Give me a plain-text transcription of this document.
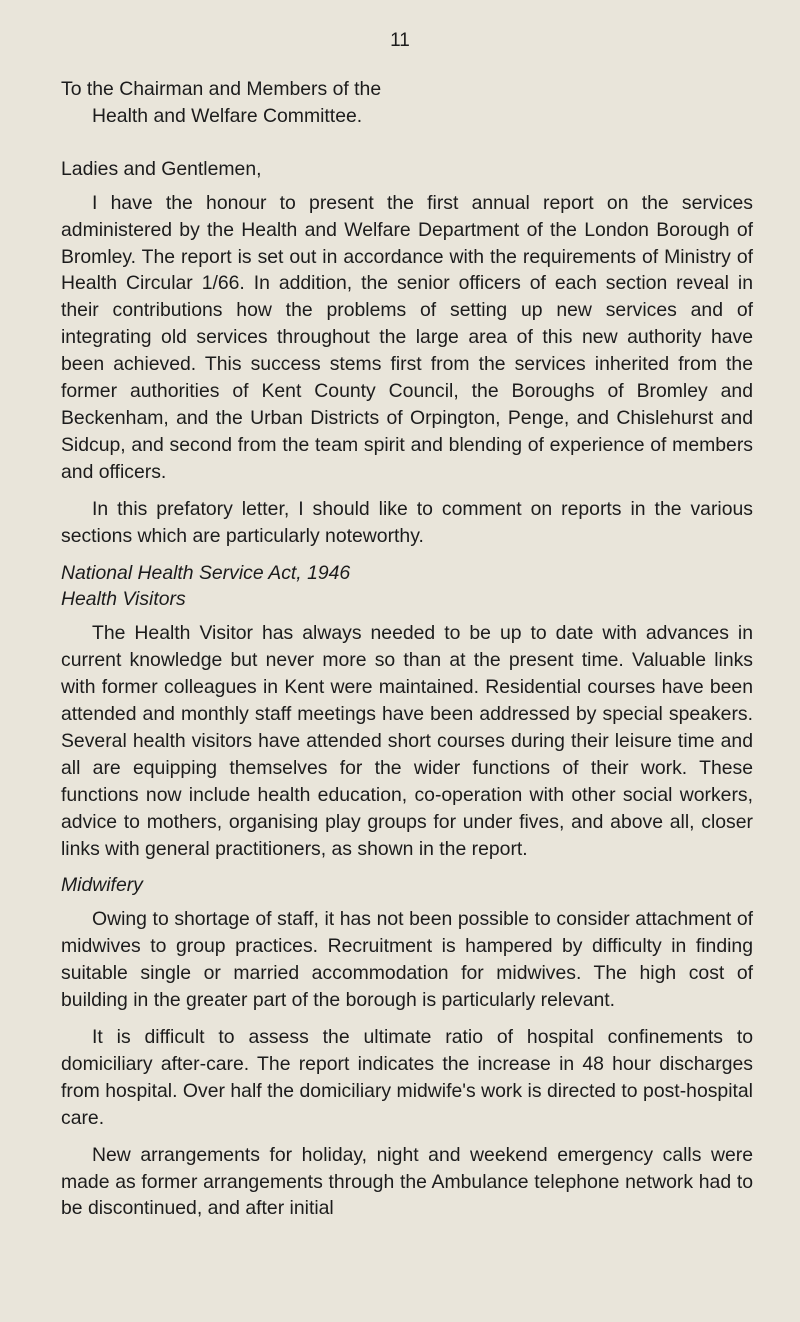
11

To the Chairman and Members of the

Health and Welfare Committee.

Ladies and Gentlemen,

I have the honour to present the first annual report on the services administered by the Health and Welfare Department of the London Borough of Bromley. The report is set out in accordance with the requirements of Ministry of Health Circular 1/66. In addition, the senior officers of each section reveal in their contributions how the problems of setting up new services and of integrating old services throughout the large area of this new authority have been achieved. This success stems first from the services inherited from the former authorities of Kent County Council, the Boroughs of Bromley and Beckenham, and the Urban Districts of Orpington, Penge, and Chislehurst and Sidcup, and second from the team spirit and blending of experience of members and officers.

In this prefatory letter, I should like to comment on reports in the various sections which are particularly noteworthy.

National Health Service Act, 1946

Health Visitors

The Health Visitor has always needed to be up to date with advances in current knowledge but never more so than at the present time. Valuable links with former colleagues in Kent were maintained. Residential courses have been attended and monthly staff meetings have been addressed by special speakers. Several health visitors have attended short courses during their leisure time and all are equipping themselves for the wider functions of their work. These functions now include health education, co-operation with other social workers, advice to mothers, organising play groups for under fives, and above all, closer links with general practitioners, as shown in the report.

Midwifery

Owing to shortage of staff, it has not been possible to consider attachment of midwives to group practices. Recruitment is hampered by difficulty in finding suitable single or married accommodation for midwives. The high cost of building in the greater part of the borough is particularly relevant.

It is difficult to assess the ultimate ratio of hospital confinements to domiciliary after-care. The report indicates the increase in 48 hour discharges from hospital. Over half the domiciliary midwife's work is directed to post-hospital care.

New arrangements for holiday, night and weekend emergency calls were made as former arrangements through the Ambulance telephone network had to be discontinued, and after initial
